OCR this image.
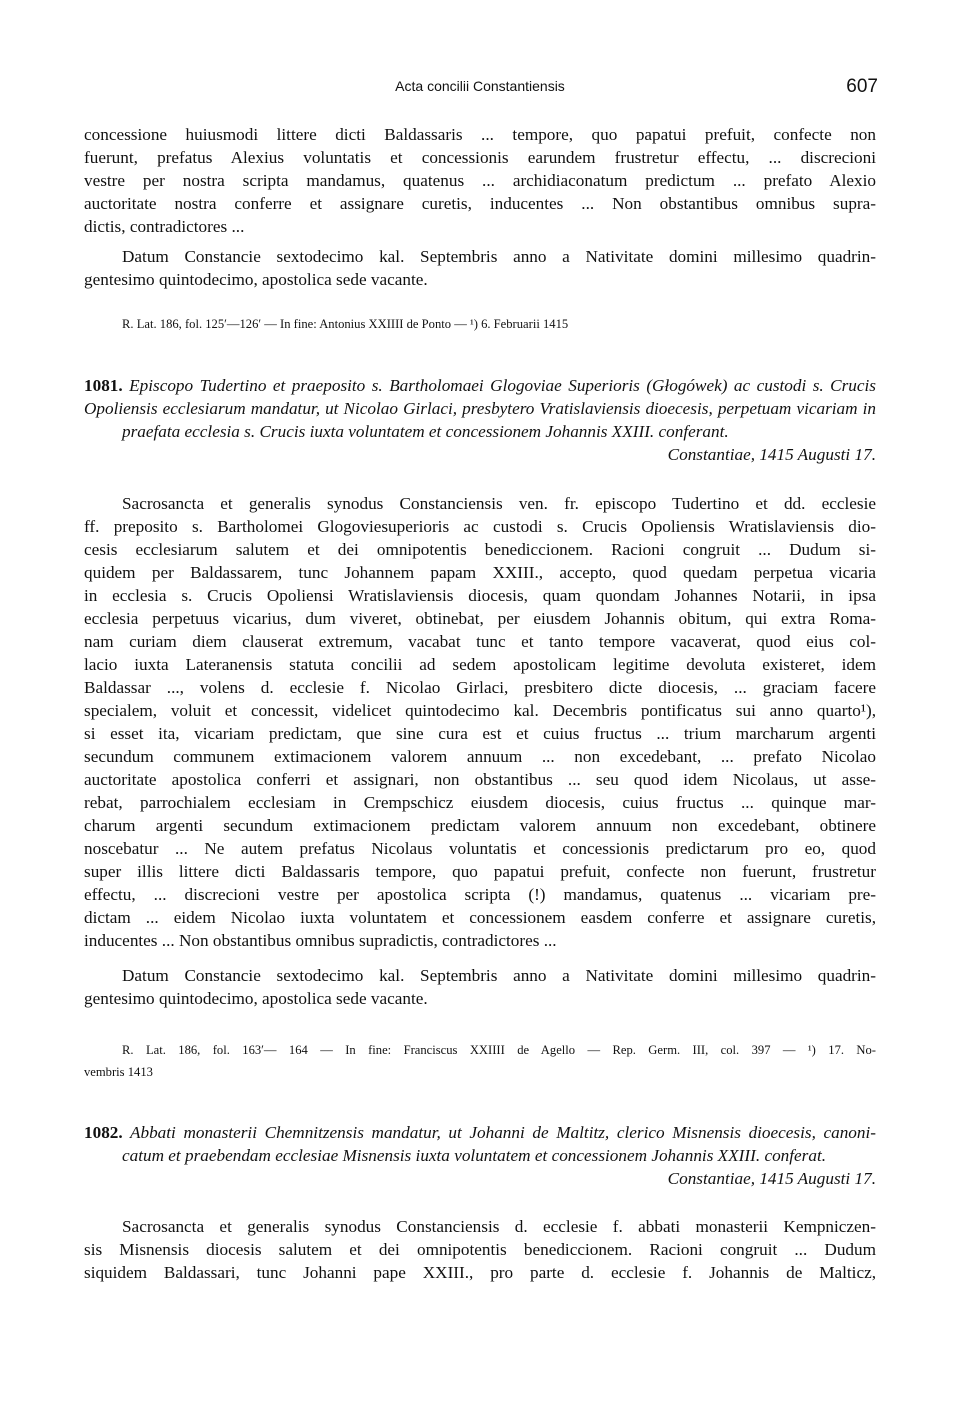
Acta concilii Constantiensis	607
concessione huiusmodi littere dicti Baldassaris ... tempore, quo papatui prefuit, confecte non
fuerunt, prefatus Alexius voluntatis et concessionis earundem frustretur effectu, ... discrecioni
vestre per nostra scripta mandamus, quatenus ... archidiaconatum predictum ... prefato Alexio
auctoritate nostra conferre et assignare curetis, inducentes ... Non obstantibus omnibus supra-
dictis, contradictores ...
Datum Constancie sextodecimo kal. Septembris anno a Nativitate domini millesimo quadrin-
gentesimo quintodecimo, apostolica sede vacante.
R. Lat. 186, fol. 125′—126′ — In fine: Antonius XXIIII de Ponto — ¹) 6. Februarii 1415
1081. Episcopo Tudertino et praeposito s. Bartholomaei Glogoviae Superioris (Głogówek) ac custodi s. Crucis
Opoliensis ecclesiarum mandatur, ut Nicolao Girlaci, presbytero Vratislaviensis dioecesis, perpetuam vicariam in
praefata ecclesia s. Crucis iuxta voluntatem et concessionem Johannis XXIII. conferant.
Constantiae, 1415 Augusti 17.
Sacrosancta et generalis synodus Constanciensis ven. fr. episcopo Tudertino et dd. ecclesie
ff. preposito s. Bartholomei Glogoviesuperioris ac custodi s. Crucis Opoliensis Wratislaviensis dio-
cesis ecclesiarum salutem et dei omnipotentis benediccionem. Racioni congruit ... Dudum si-
quidem per Baldassarem, tunc Johannem papam XXIII., accepto, quod quedam perpetua vicaria
in ecclesia s. Crucis Opoliensi Wratislaviensis diocesis, quam quondam Johannes Notarii, in ipsa
ecclesia perpetuus vicarius, dum viveret, obtinebat, per eiusdem Johannis obitum, qui extra Roma-
nam curiam diem clauserat extremum, vacabat tunc et tanto tempore vacaverat, quod eius col-
lacio iuxta Lateranensis statuta concilii ad sedem apostolicam legitime devoluta existeret, idem
Baldassar ..., volens d. ecclesie f. Nicolao Girlaci, presbitero dicte diocesis, ... graciam facere
specialem, voluit et concessit, videlicet quintodecimo kal. Decembris pontificatus sui anno quarto¹),
si esset ita, vicariam predictam, que sine cura est et cuius fructus ... trium marcharum argenti
secundum communem extimacionem valorem annuum ... non excedebant, ... prefato Nicolao
auctoritate apostolica conferri et assignari, non obstantibus ... seu quod idem Nicolaus, ut asse-
rebat, parrochialem ecclesiam in Crempschicz eiusdem diocesis, cuius fructus ... quinque mar-
charum argenti secundum extimacionem predictam valorem annuum non excedebant, obtinere
noscebatur ... Ne autem prefatus Nicolaus voluntatis et concessionis predictarum pro eo, quod
super illis littere dicti Baldassaris tempore, quo papatui prefuit, confecte non fuerunt, frustretur
effectu, ... discrecioni vestre per apostolica scripta (!) mandamus, quatenus ... vicariam pre-
dictam ... eidem Nicolao iuxta voluntatem et concessionem easdem conferre et assignare curetis,
inducentes ... Non obstantibus omnibus supradictis, contradictores ...
Datum Constancie sextodecimo kal. Septembris anno a Nativitate domini millesimo quadrin-
gentesimo quintodecimo, apostolica sede vacante.
R. Lat. 186, fol. 163′— 164 — In fine: Franciscus XXIIII de Agello — Rep. Germ. III, col. 397 — ¹) 17. No-
vembris 1413
1082. Abbati monasterii Chemnitzensis mandatur, ut Johanni de Maltitz, clerico Misnensis dioecesis, canoni-
catum et praebendam ecclesiae Misnensis iuxta voluntatem et concessionem Johannis XXIII. conferat.
Constantiae, 1415 Augusti 17.
Sacrosancta et generalis synodus Constanciensis d. ecclesie f. abbati monasterii Kempniczen-
sis Misnensis diocesis salutem et dei omnipotentis benediccionem. Racioni congruit ... Dudum
siquidem Baldassari, tunc Johanni pape XXIII., pro parte d. ecclesie f. Johannis de Malticz,
